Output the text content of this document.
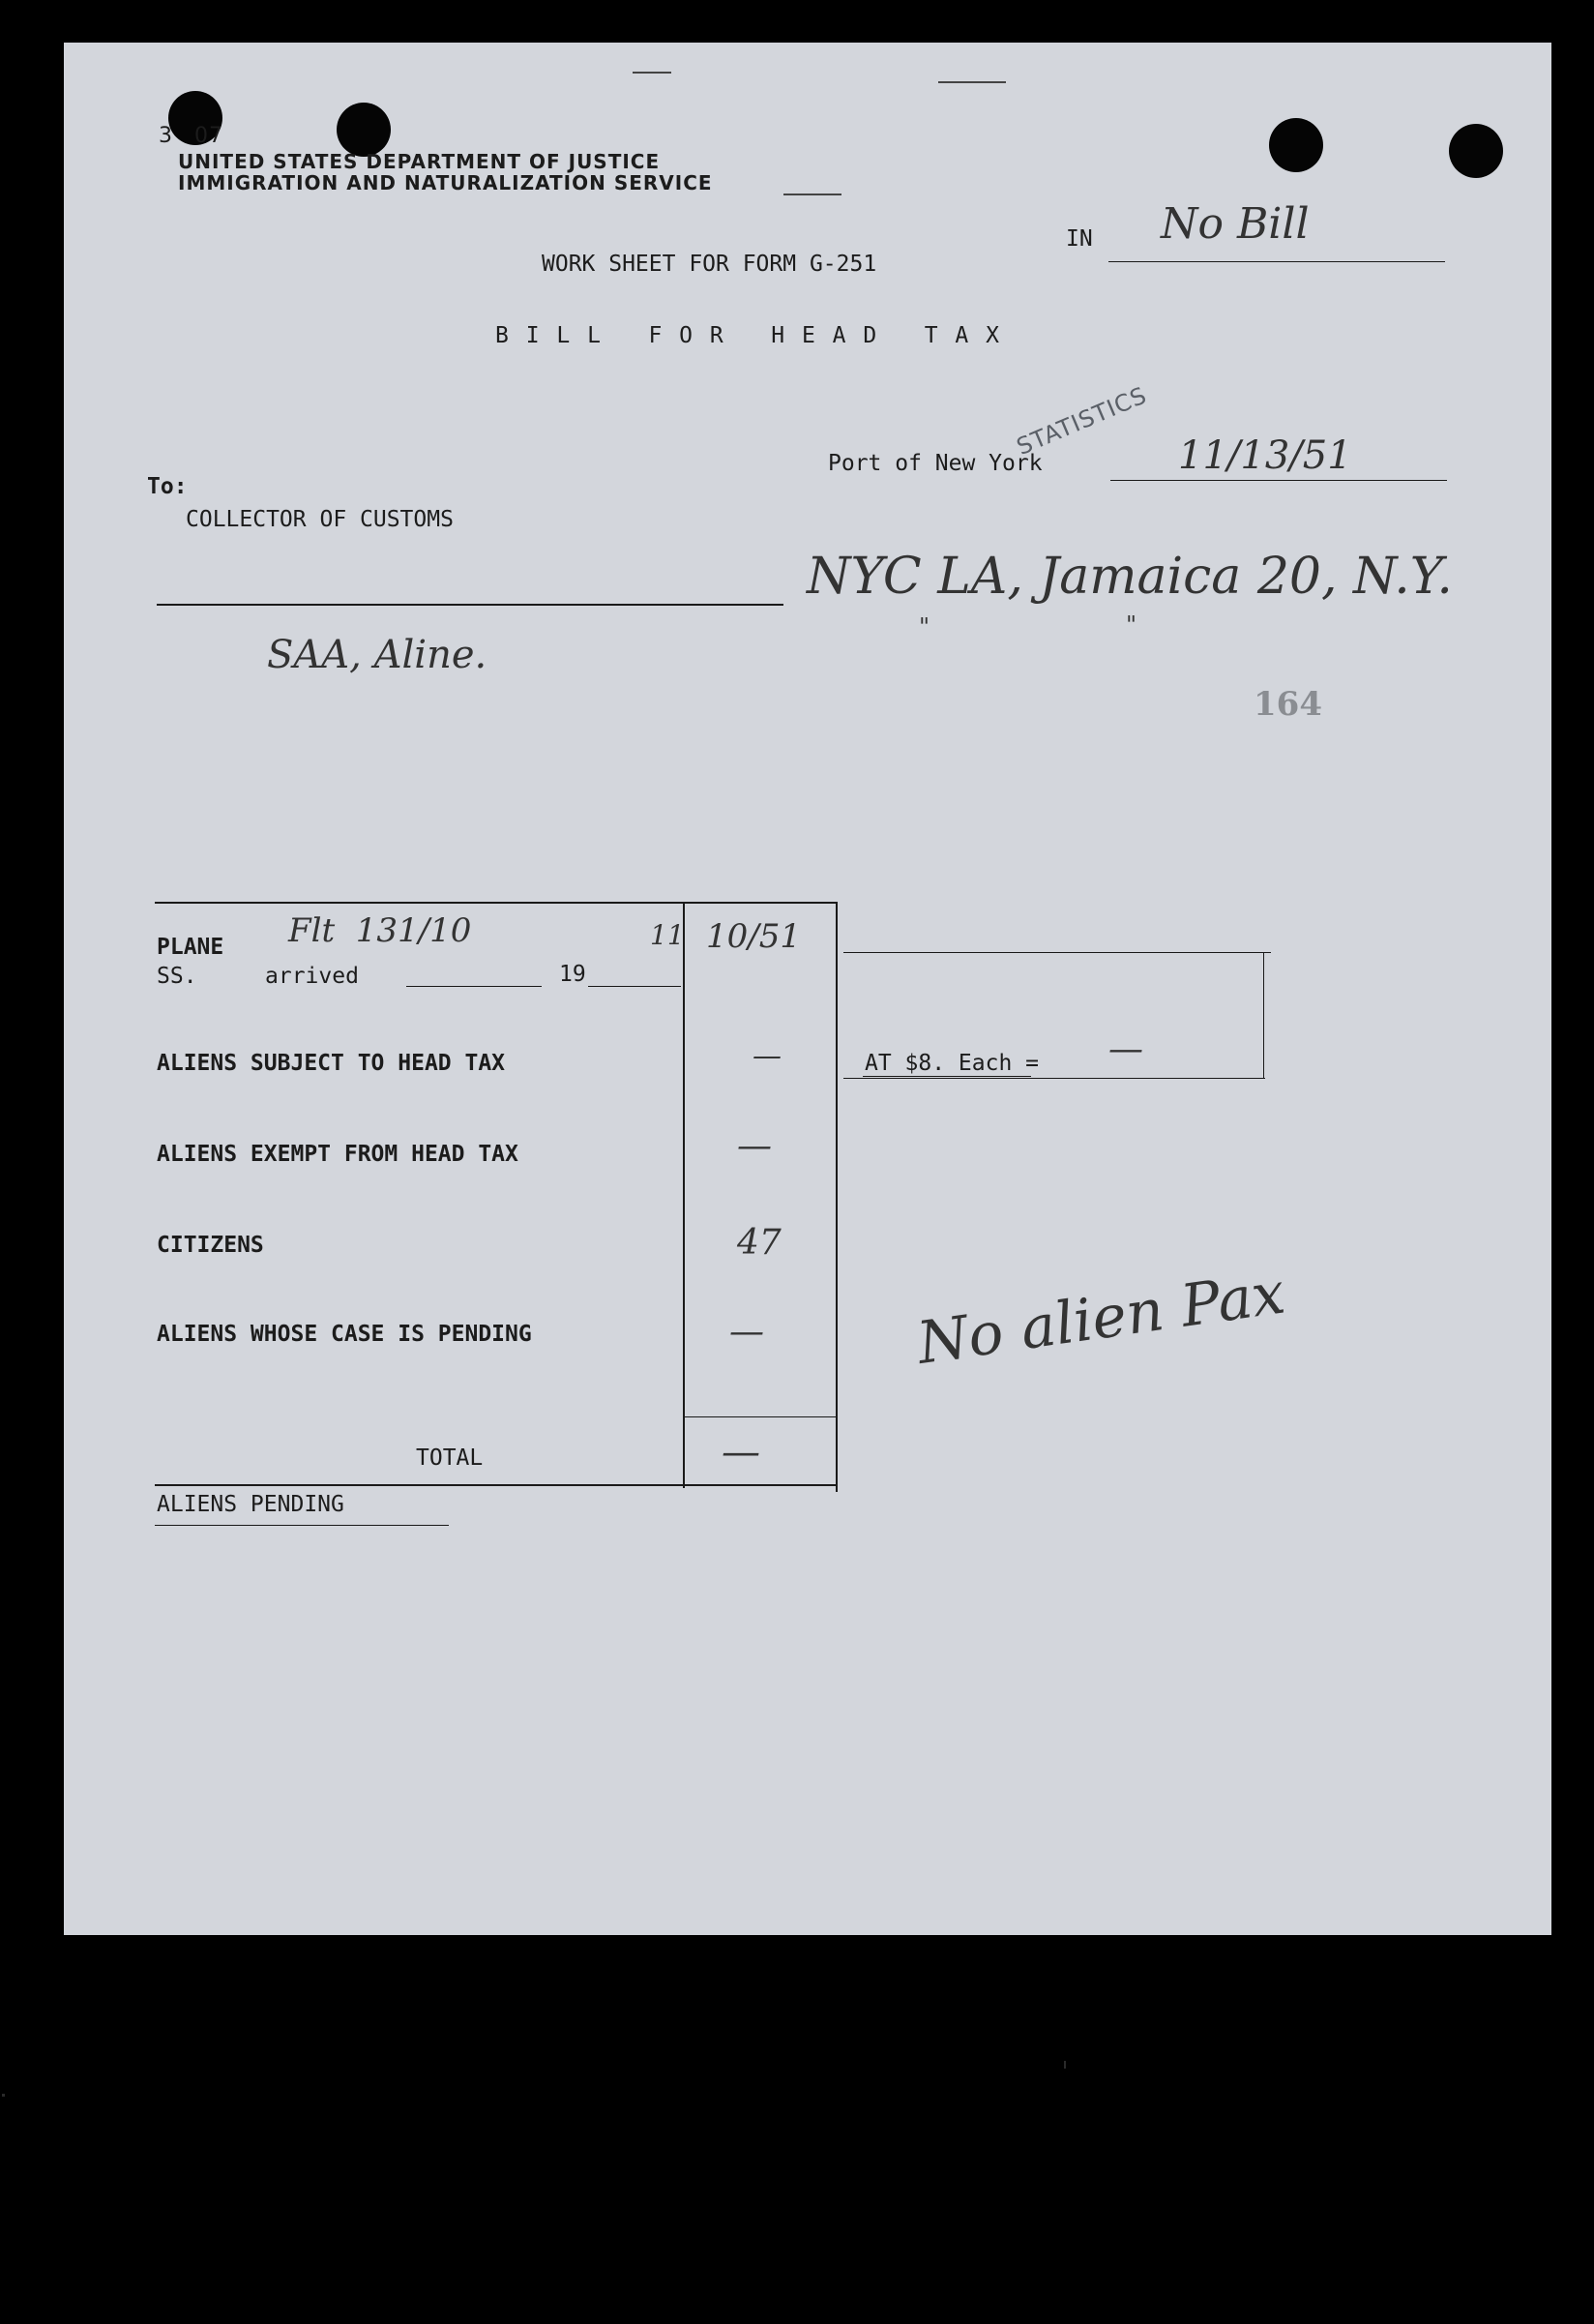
3 07
UNITED STATES DEPARTMENT OF JUSTICE
IMMIGRATION AND NATURALIZATION SERVICE
IN No Bill
WORK SHEET FOR FORM G-251
B I L L   F O R   H E A D   T A X
STATISTICS
Port of New York	11/13/51
To:
COLLECTOR OF CUSTOMS
NYC LA, Jamaica 20, N.Y.
"	"
SAA, Aline.
164
PLANE Flt  131/10	11 10/51
SS.	arrived	19
ALIENS SUBJECT TO HEAD TAX	—	AT $8. Each = —
ALIENS EXEMPT FROM HEAD TAX	—
CITIZENS	47
ALIENS WHOSE CASE IS PENDING	—
TOTAL	—
ALIENS PENDING
No alien Pax
